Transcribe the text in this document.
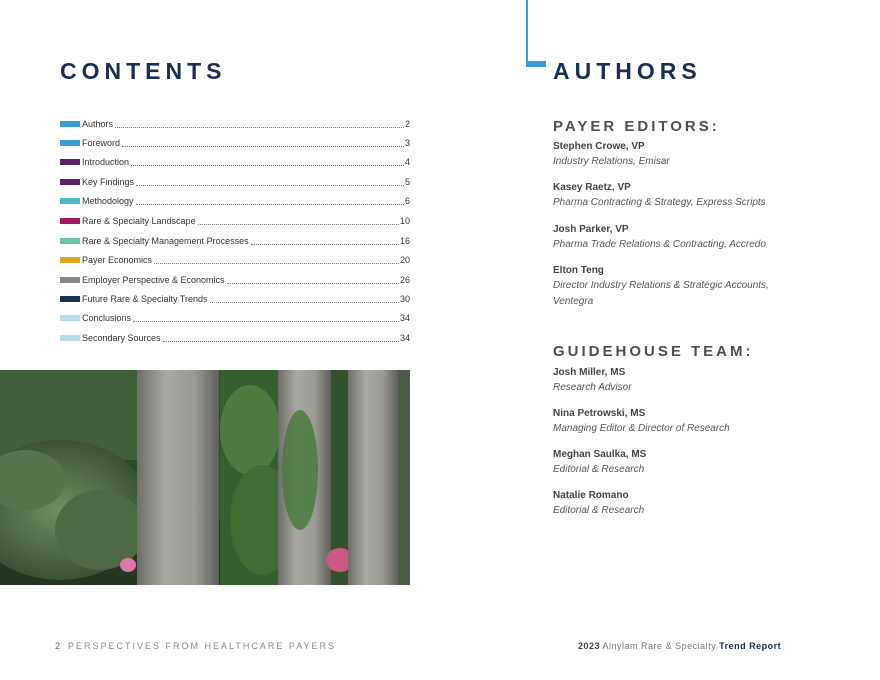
CONTENTS	AUTHORS
Authors	2
Foreword	3
Introduction	4
Key Findings	5
Methodology	6
Rare & Specialty Landscape	10
Rare & Specialty Management Processes	16
Payer Economics	20
Employer Perspective & Economics	26
Future Rare & Specialty Trends	30
Conclusions	34
Secondary Sources	34
PAYER EDITORS:
Stephen Crowe, VP
Industry Relations, Emisar
Kasey Raetz, VP
Pharma Contracting & Strategy, Express Scripts
Josh Parker, VP
Pharma Trade Relations & Contracting, Accredo
Elton Teng
Director Industry Relations & Strategic Accounts, Ventegra
GUIDEHOUSE TEAM:
Josh Miller, MS
Research Advisor
Nina Petrowski, MS
Managing Editor & Director of Research
Meghan Saulka, MS
Editorial & Research
Natalie Romano
Editorial & Research
2 PERSPECTIVES FROM HEALTHCARE PAYERS	2023 Alnylam Rare & Specialty Trend Report
